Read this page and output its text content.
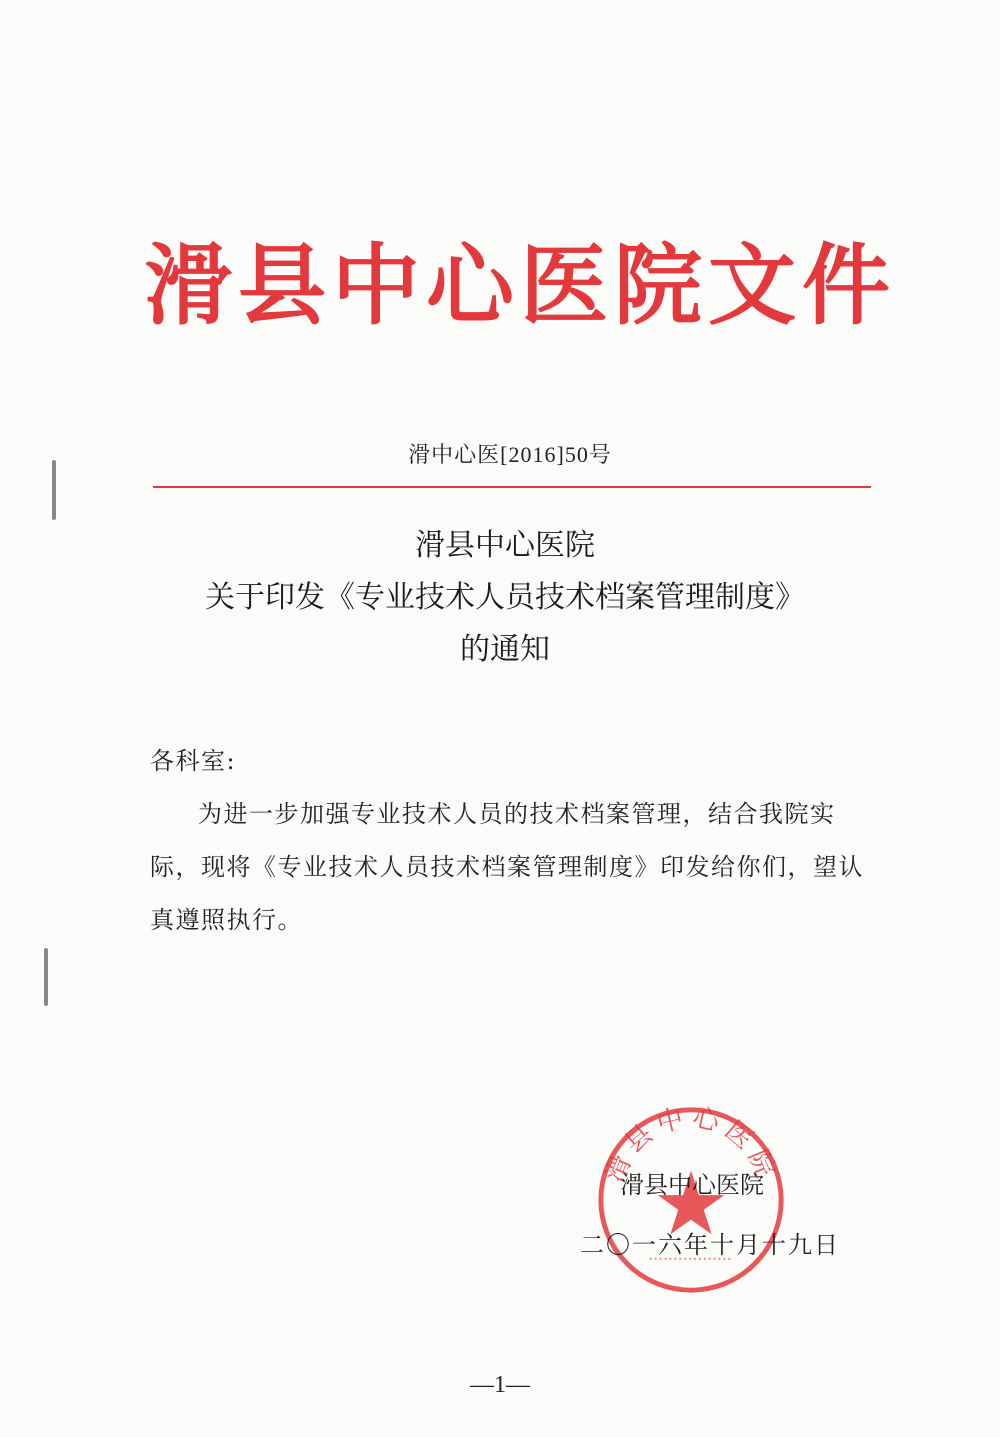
滑县中心医院文件
滑中心医[2016]50号
滑县中心医院
关于印发《专业技术人员技术档案管理制度》
的通知

各科室:

为进一步加强专业技术人员的技术档案管理，结合我院实际，现将《专业技术人员技术档案管理制度》印发给你们，望认真遵照执行。

滑县中心医院
滑县中心医院
二〇一六年十月十九日
—1—
